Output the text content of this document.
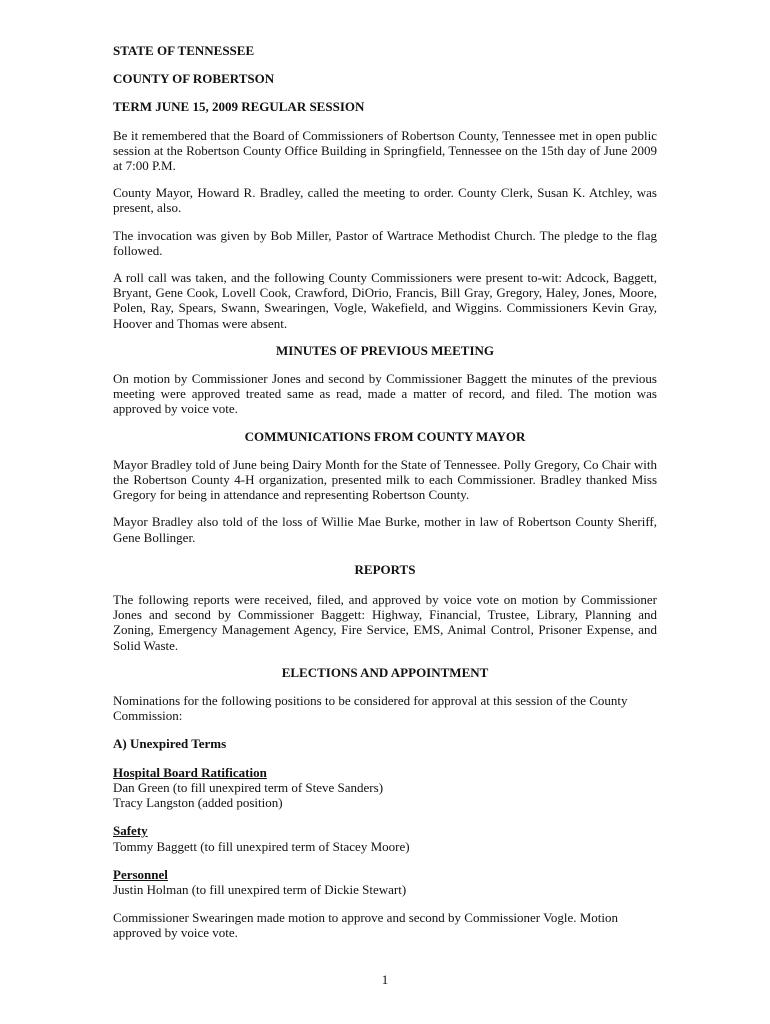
STATE OF TENNESSEE
COUNTY OF ROBERTSON
TERM JUNE 15, 2009 REGULAR SESSION

Be it remembered that the Board of Commissioners of Robertson County, Tennessee met in open public session at the Robertson County Office Building in Springfield, Tennessee on the 15th day of June 2009 at 7:00 P.M.

County Mayor, Howard R. Bradley, called the meeting to order. County Clerk, Susan K. Atchley, was present, also.

The invocation was given by Bob Miller, Pastor of Wartrace Methodist Church. The pledge to the flag followed.

A roll call was taken, and the following County Commissioners were present to-wit: Adcock, Baggett, Bryant, Gene Cook, Lovell Cook, Crawford, DiOrio, Francis, Bill Gray, Gregory, Haley, Jones, Moore, Polen, Ray, Spears, Swann, Swearingen, Vogle, Wakefield, and Wiggins. Commissioners Kevin Gray, Hoover and Thomas were absent.

MINUTES OF PREVIOUS MEETING

On motion by Commissioner Jones and second by Commissioner Baggett the minutes of the previous meeting were approved treated same as read, made a matter of record, and filed. The motion was approved by voice vote.

COMMUNICATIONS FROM COUNTY MAYOR

Mayor Bradley told of June being Dairy Month for the State of Tennessee. Polly Gregory, Co Chair with the Robertson County 4-H organization, presented milk to each Commissioner. Bradley thanked Miss Gregory for being in attendance and representing Robertson County.

Mayor Bradley also told of the loss of Willie Mae Burke, mother in law of Robertson County Sheriff, Gene Bollinger.

REPORTS

The following reports were received, filed, and approved by voice vote on motion by Commissioner Jones and second by Commissioner Baggett: Highway, Financial, Trustee, Library, Planning and Zoning, Emergency Management Agency, Fire Service, EMS, Animal Control, Prisoner Expense, and Solid Waste.

ELECTIONS AND APPOINTMENT

Nominations for the following positions to be considered for approval at this session of the County Commission:

A) Unexpired Terms
Hospital Board Ratification
Dan Green (to fill unexpired term of Steve Sanders)
Tracy Langston (added position)
Safety
Tommy Baggett (to fill unexpired term of Stacey Moore)
Personnel
Justin Holman (to fill unexpired term of Dickie Stewart)

Commissioner Swearingen made motion to approve and second by Commissioner Vogle. Motion approved by voice vote.

1
